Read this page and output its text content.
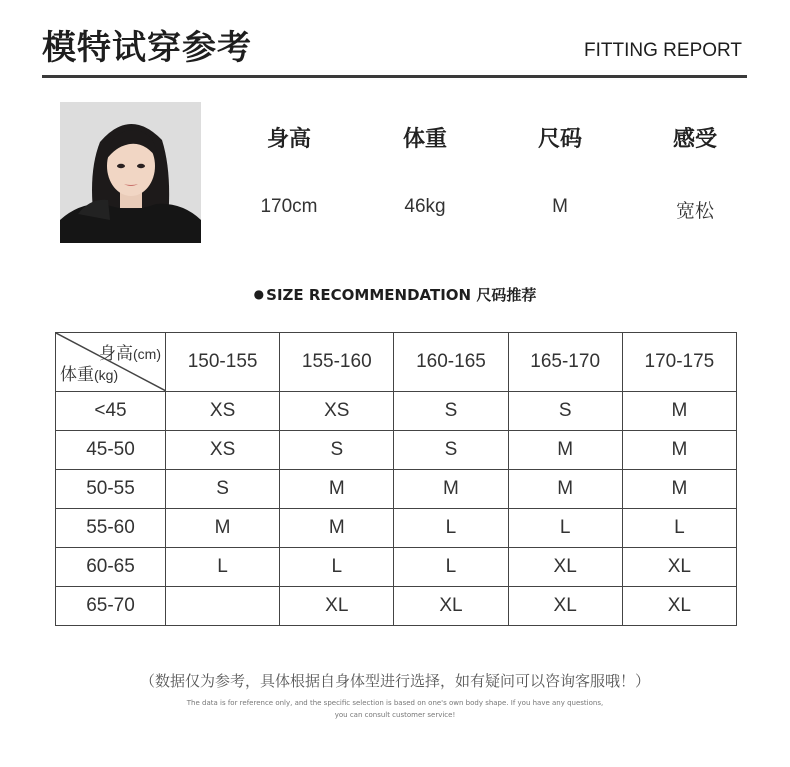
模特试穿参考	FITTING REPORT
身高	体重	尺码	感受
170cm	46kg	M	宽松
● SIZE RECOMMENDATION 尺码推荐
身高(cm)
体重(kg)	150-155	155-160	160-165	165-170	170-175
<45	XS	XS	S	S	M
45-50	XS	S	S	M	M
50-55	S	M	M	M	M
55-60	M	M	L	L	L
60-65	L	L	L	XL	XL
65-70		XL	XL	XL	XL
（数据仅为参考，具体根据自身体型进行选择，如有疑问可以咨询客服哦！）
The data is for reference only, and the specific selection is based on one's own body shape. If you have any questions,
you can consult customer service!
